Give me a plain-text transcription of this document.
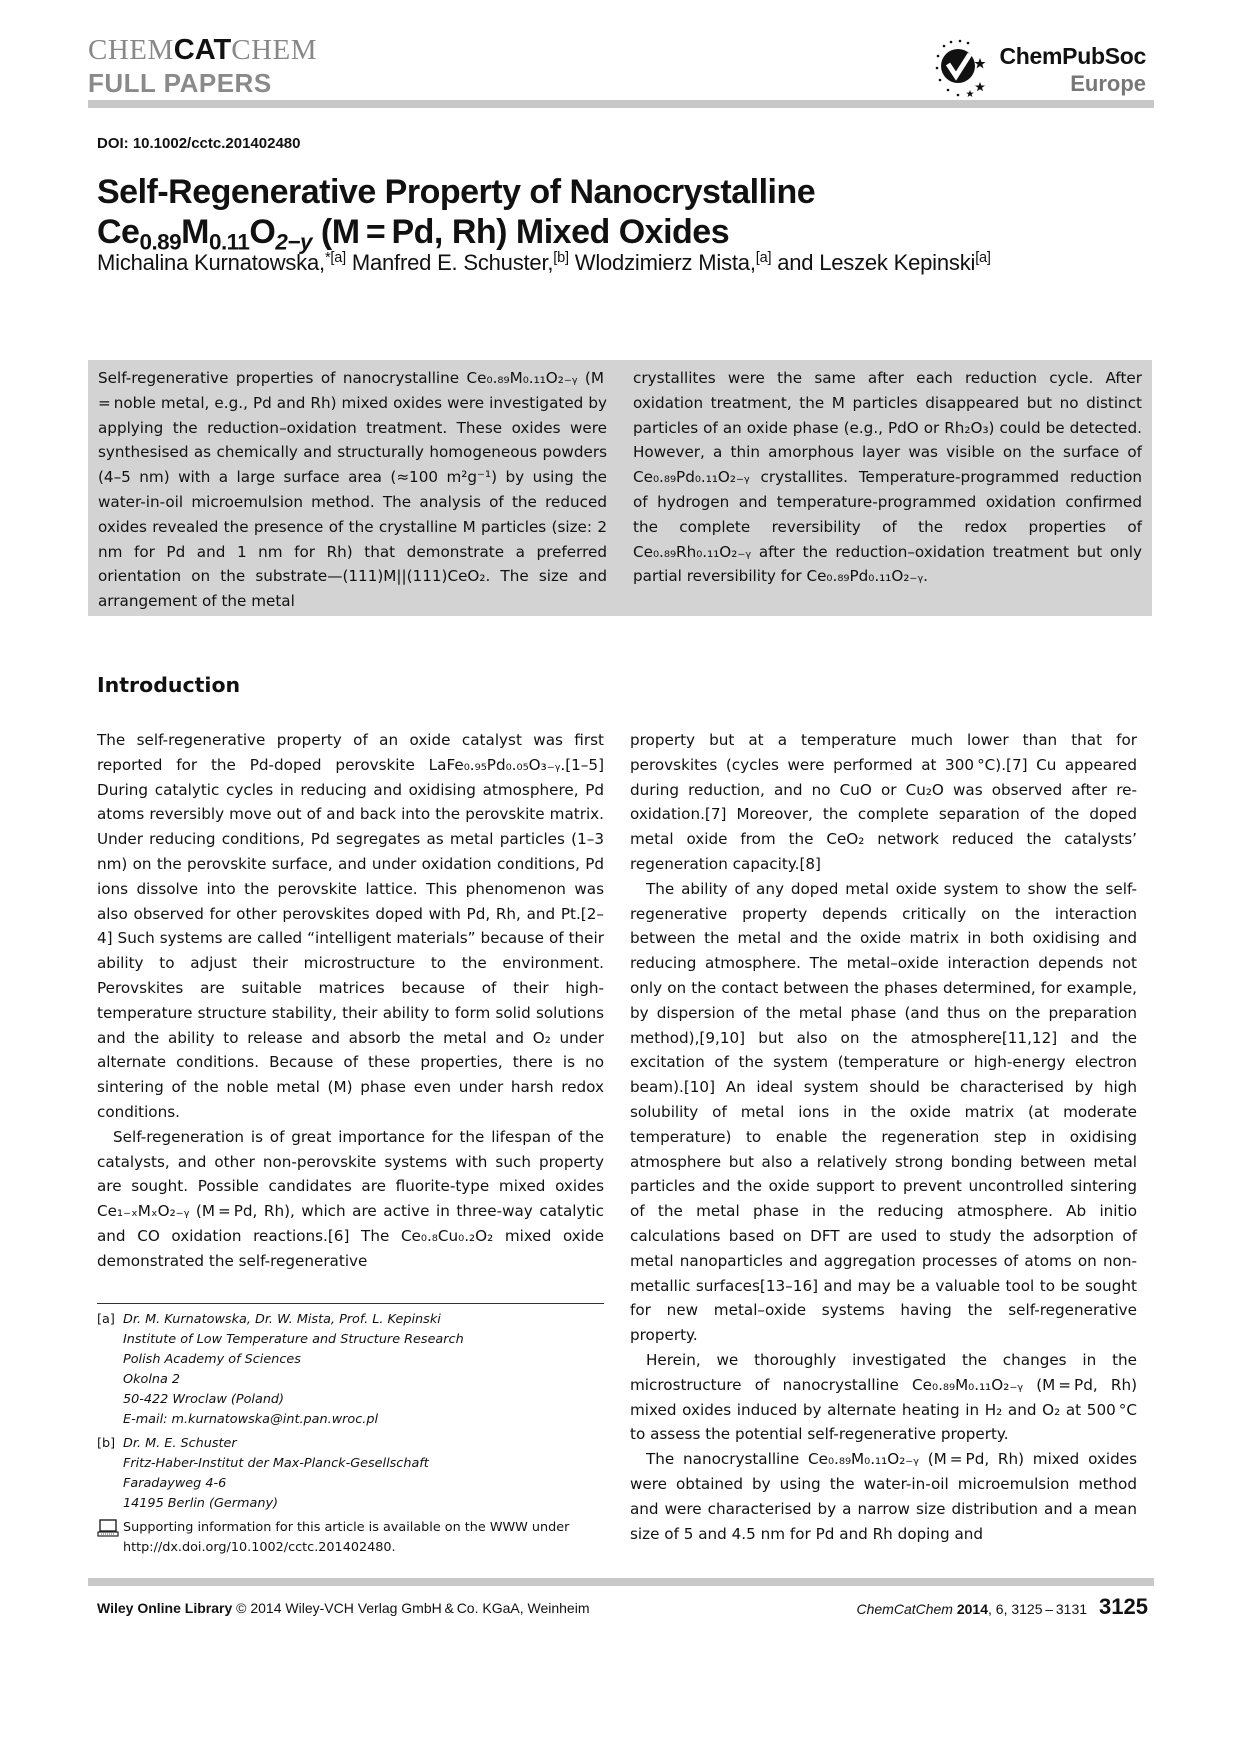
CHEMCATCHEM
FULL PAPERS
ChemPubSoc
Europe
DOI: 10.1002/cctc.201402480
Self-Regenerative Property of Nanocrystalline
$Ce_{0.89}M_{0.11}O_{2-y}$ (M = Pd, Rh) Mixed Oxides
Michalina Kurnatowska,$^{*[a]}$ Manfred E. Schuster,[b] Wlodzimierz Mista,[a] and Leszek Kepinski[a]
Self-regenerative properties of nanocrystalline Ce₀.₈₉M₀.₁₁O₂₋ᵧ (M = noble metal, e.g., Pd and Rh) mixed oxides were investigated by applying the reduction–oxidation treatment. These oxides were synthesised as chemically and structurally homogeneous powders (4–5 nm) with a large surface area (≈100 m²g⁻¹) by using the water-in-oil microemulsion method. The analysis of the reduced oxides revealed the presence of the crystalline M particles (size: 2 nm for Pd and 1 nm for Rh) that demonstrate a preferred orientation on the substrate—(111)M||(111)CeO₂. The size and arrangement of the metal
crystallites were the same after each reduction cycle. After oxidation treatment, the M particles disappeared but no distinct particles of an oxide phase (e.g., PdO or Rh₂O₃) could be detected. However, a thin amorphous layer was visible on the surface of Ce₀.₈₉Pd₀.₁₁O₂₋ᵧ crystallites. Temperature-programmed reduction of hydrogen and temperature-programmed oxidation confirmed the complete reversibility of the redox properties of Ce₀.₈₉Rh₀.₁₁O₂₋ᵧ after the reduction–oxidation treatment but only partial reversibility for Ce₀.₈₉Pd₀.₁₁O₂₋ᵧ.
Introduction

The self-regenerative property of an oxide catalyst was first reported for the Pd-doped perovskite LaFe₀.₉₅Pd₀.₀₅O₃₋ᵧ.[1–5] During catalytic cycles in reducing and oxidising atmosphere, Pd atoms reversibly move out of and back into the perovskite matrix. Under reducing conditions, Pd segregates as metal particles (1–3 nm) on the perovskite surface, and under oxidation conditions, Pd ions dissolve into the perovskite lattice. This phenomenon was also observed for other perovskites doped with Pd, Rh, and Pt.[2–4] Such systems are called “intelligent materials” because of their ability to adjust their microstructure to the environment. Perovskites are suitable matrices because of their high-temperature structure stability, their ability to form solid solutions and the ability to release and absorb the metal and O₂ under alternate conditions. Because of these properties, there is no sintering of the noble metal (M) phase even under harsh redox conditions.

Self-regeneration is of great importance for the lifespan of the catalysts, and other non-perovskite systems with such property are sought. Possible candidates are fluorite-type mixed oxides Ce₁₋ₓMₓO₂₋ᵧ (M = Pd, Rh), which are active in three-way catalytic and CO oxidation reactions.[6] The Ce₀.₈Cu₀.₂O₂ mixed oxide demonstrated the self-regenerative

property but at a temperature much lower than that for perovskites (cycles were performed at 300 °C).[7] Cu appeared during reduction, and no CuO or Cu₂O was observed after re-oxidation.[7] Moreover, the complete separation of the doped metal oxide from the CeO₂ network reduced the catalysts’ regeneration capacity.[8]

The ability of any doped metal oxide system to show the self-regenerative property depends critically on the interaction between the metal and the oxide matrix in both oxidising and reducing atmosphere. The metal–oxide interaction depends not only on the contact between the phases determined, for example, by dispersion of the metal phase (and thus on the preparation method),[9,10] but also on the atmosphere[11,12] and the excitation of the system (temperature or high-energy electron beam).[10] An ideal system should be characterised by high solubility of metal ions in the oxide matrix (at moderate temperature) to enable the regeneration step in oxidising atmosphere but also a relatively strong bonding between metal particles and the oxide support to prevent uncontrolled sintering of the metal phase in the reducing atmosphere. Ab initio calculations based on DFT are used to study the adsorption of metal nanoparticles and aggregation processes of atoms on non-metallic surfaces[13–16] and may be a valuable tool to be sought for new metal–oxide systems having the self-regenerative property.

Herein, we thoroughly investigated the changes in the microstructure of nanocrystalline Ce₀.₈₉M₀.₁₁O₂₋ᵧ (M = Pd, Rh) mixed oxides induced by alternate heating in H₂ and O₂ at 500 °C to assess the potential self-regenerative property.

The nanocrystalline Ce₀.₈₉M₀.₁₁O₂₋ᵧ (M = Pd, Rh) mixed oxides were obtained by using the water-in-oil microemulsion method and were characterised by a narrow size distribution and a mean size of 5 and 4.5 nm for Pd and Rh doping and

[a] Dr. M. Kurnatowska, Dr. W. Mista, Prof. L. Kepinski
Institute of Low Temperature and Structure Research
Polish Academy of Sciences
Okolna 2
50-422 Wroclaw (Poland)
E-mail: m.kurnatowska@int.pan.wroc.pl
[b] Dr. M. E. Schuster
Fritz-Haber-Institut der Max-Planck-Gesellschaft
Faradayweg 4-6
14195 Berlin (Germany)
Supporting information for this article is available on the WWW under
http://dx.doi.org/10.1002/cctc.201402480.
Wiley Online Library © 2014 Wiley-VCH Verlag GmbH & Co. KGaA, Weinheim	ChemCatChem 2014, 6, 3125 – 3131 3125
